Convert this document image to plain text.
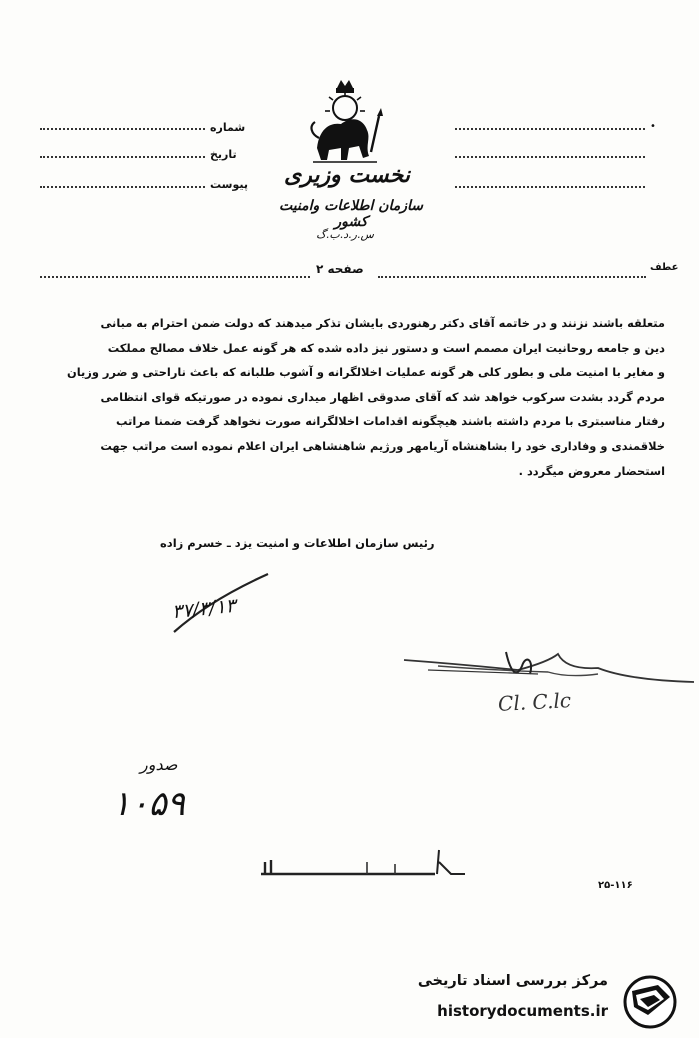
شماره
تاریخ
پیوست
•
نخست وزیری
سازمان اطلاعات وامنیت کشور
س.ر.د.ب.گ
صفحه ۲	عطف
متعلقه باشند نزنند و در خاتمه آقای دکتر رهنوردی بایشان تذکر میدهند که دولت ضمن احترام به مبانی
دین و جامعه روحانیت ایران مصمم است و دستور نیز داده شده که هر گونه عمل خلاف مصالح مملکت
و مغایر با امنیت ملی و بطور کلی هر گونه عملیات اخلالگرانه و آشوب طلبانه که باعث ناراحتی و ضرر وزیان
مردم گردد بشدت سرکوب خواهد شد که آقای صدوقی اظهار میداری نموده در صورتیکه قوای انتظامی
رفتار مناسبتری با مردم داشته باشند هیچگونه اقدامات اخلالگرانه صورت نخواهد گرفت ضمنا مراتب
خلاقمندی و وفاداری خود را بشاهنشاه آریامهر ورژیم شاهنشاهی ایران اعلام نموده است مراتب جهت
استحضار معروض میگردد .
رئیس سازمان اطلاعات و امنیت یزد ـ خسرم زاده
۳۷/۳/۱۳
Cl. C.lc
صدور
۱۰۵۹
۲۵-۱۱۶
مرکز بررسی اسناد تاریخی
historydocuments.ir
